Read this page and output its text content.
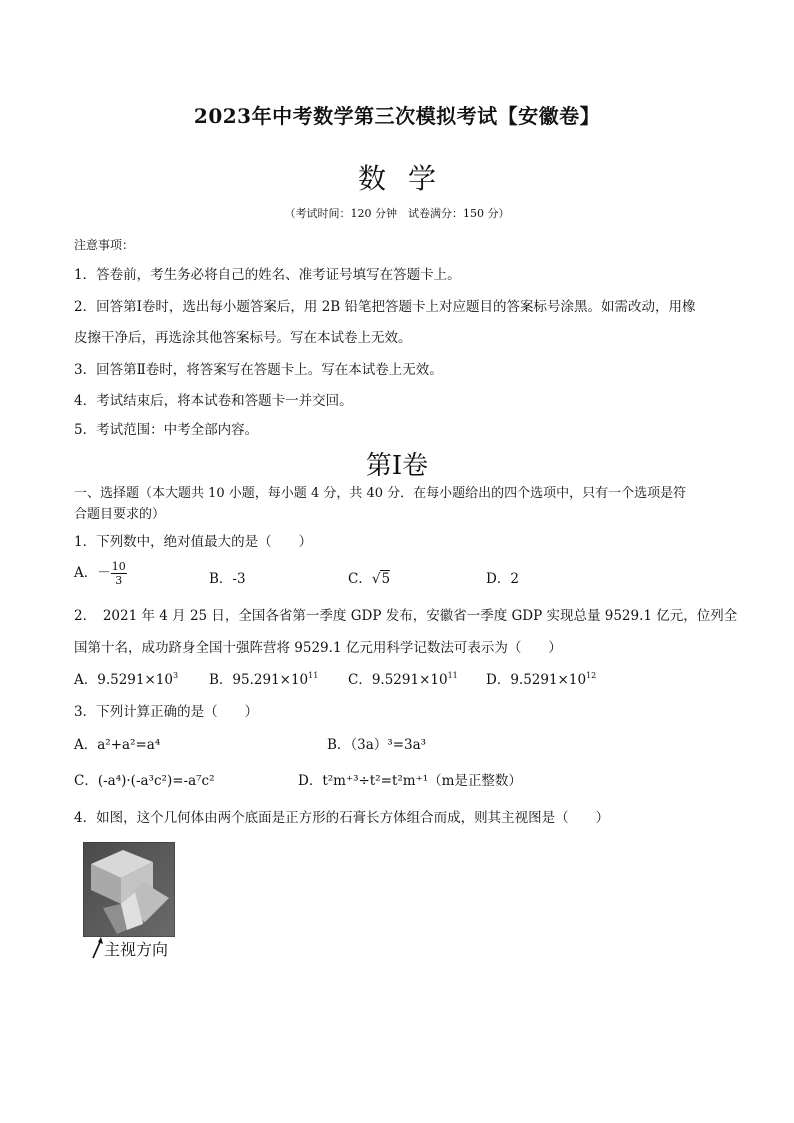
2023年中考数学第三次模拟考试【安徽卷】
数学
（考试时间：120 分钟　试卷满分：150 分）
注意事项：
1．答卷前，考生务必将自己的姓名、准考证号填写在答题卡上。
2．回答第Ⅰ卷时，选出每小题答案后，用 2B 铅笔把答题卡上对应题目的答案标号涂黑。如需改动，用橡
皮擦干净后，再选涂其他答案标号。写在本试卷上无效。
3．回答第Ⅱ卷时，将答案写在答题卡上。写在本试卷上无效。
4．考试结束后，将本试卷和答题卡一并交回。
5．考试范围：中考全部内容。
第Ⅰ卷
一、选择题（本大题共 10 小题，每小题 4 分，共 40 分．在每小题给出的四个选项中，只有一个选项是符
合题目要求的）
1．下列数中，绝对值最大的是（　　）
A．－ $\frac{10}{3}$	B．-3	C．√5	D．2
2．　2021 年 4 月 25 日，全国各省第一季度 GDP 发布，安徽省一季度 GDP 实现总量 9529.1 亿元，位列全
国第十名，成功跻身全国十强阵营将 9529.1 亿元用科学记数法可表示为（　　）
A．$9.5291\times 10^3$ B．$95.291\times 10^{11}$ C．$9.5291\times 10^{11}$ D．$9.5291\times 10^{12}$
3．下列计算正确的是（　　）
A．a²+a²=a⁴	B．（3a）³=3a³
C．(-a⁴)·(-a³c²)=-a⁷c²	D．t²m⁺³÷t²=t²m⁺¹（m是正整数）
4．如图，这个几何体由两个底面是正方形的石膏长方体组合而成，则其主视图是（　　）
主视方向
